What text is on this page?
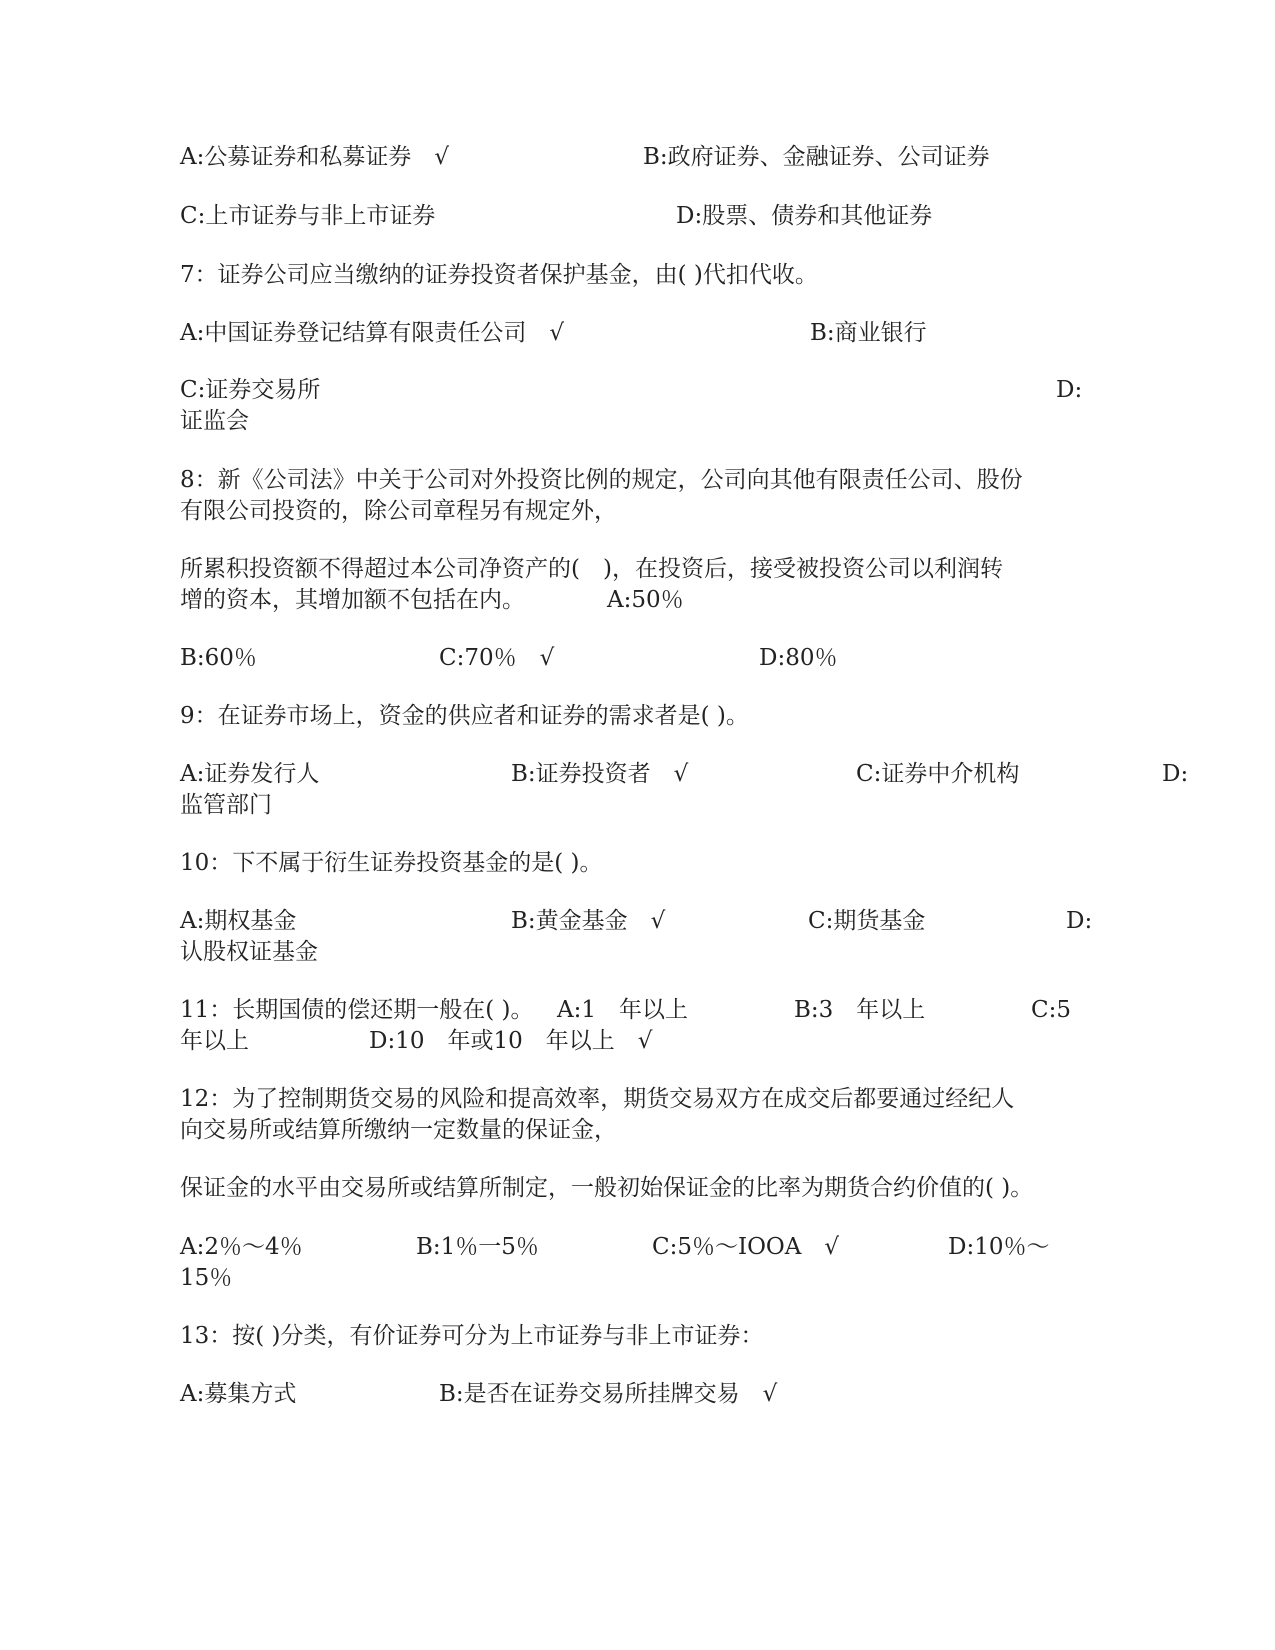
A:公募证券和私募证券　√	B:政府证券、金融证券、公司证券
C:上市证券与非上市证券	D:股票、债券和其他证券
7：证券公司应当缴纳的证券投资者保护基金，由( )代扣代收。
A:中国证券登记结算有限责任公司　√	B:商业银行
C:证券交易所	D:
证监会
8：新《公司法》中关于公司对外投资比例的规定，公司向其他有限责任公司、股份
有限公司投资的，除公司章程另有规定外，
所累积投资额不得超过本公司净资产的(　)，在投资后，接受被投资公司以利润转
增的资本，其增加额不包括在内。	A:50％
B:60％	C:70％　√	D:80％
9：在证券市场上，资金的供应者和证券的需求者是( )。
A:证券发行人	B:证券投资者　√	C:证券中介机构	D:
监管部门
10：下不属于衍生证券投资基金的是( )。
A:期权基金	B:黄金基金　√	C:期货基金	D:
认股权证基金
11：长期国债的偿还期一般在( )。 A:1　年以上	B:3　年以上	C:5
年以上	D:10　年或10　年以上　√
12：为了控制期货交易的风险和提高效率，期货交易双方在成交后都要通过经纪人
向交易所或结算所缴纳一定数量的保证金，
保证金的水平由交易所或结算所制定，一般初始保证金的比率为期货合约价值的( )。
A:2％～4％	B:1％一5％	C:5％～IOOA　√	D:10％～
15％
13：按( )分类，有价证券可分为上市证券与非上市证券：
A:募集方式	B:是否在证券交易所挂牌交易　√
